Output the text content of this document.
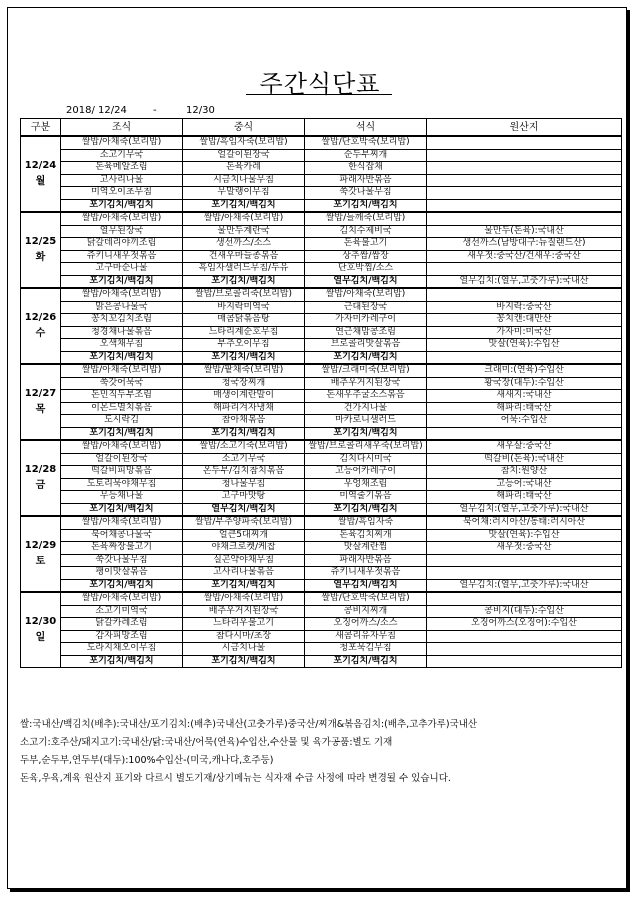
주간식단표
2018/ 12/24	-	12/30
구분	조식	중식	석식	원산지

12/24
월	쌀밥/아채죽(보리밥)	쌀밥/흑임자죽(보리밥)	쌀밥/단호박죽(보리밥)	
	소고기무국	얼갈이된장국	순두부찌개	
	돈육메알조림	돈육카레	한식잡채	
	고사리나물	시금치나물무침	파래자반볶음	
	미역오이초무침	무말랭이무침	쑥갓나물무침	
	포기김치/백김치	포기김치/백김치	포기김치/백김치	

12/25
화	쌀밥/아채죽(보리밥)	쌀밥/아채죽(보리밥)	쌀밥/들깨죽(보리밥)	
	열무된장국	물만두계란국	김치수제비국	물만두(돈육):국내산
	닭갈데리야끼조림	생선까스/소스	돈육불고기	생선까스(남방대구:뉴질랜드산)
	쥬키니새우젓볶음	건새우마늘종볶음	상추쌈/쌈장	새우젓:중국산/건새우:중국산
	고구마순나물	흑임자샐러드무침/두유	단호박찜/소스	
	포기김치/백김치	포기김치/백김치	열무김치/백김치	열무김치:(열무,고춧가루):국내산

12/26
수	쌀밥/아채죽(보리밥)	쌀밥/브로콜리죽(보리밥)	쌀밥/아채죽(보리밥)	
	맑은콩나물국	바지락미역국	근대된장국	바지락:중국산
	꽁치꼬김치조림	매콤닭볶음탕	가자미카레구이	꽁치캔:대만산
	청경채나물볶음	느타리계순호무침	연근채맘콩조림	가자미:미국산
	오색채무침	부추오이무침	브로콜리맛살볶음	맛살(연육):수입산
	포기김치/백김치	포기김치/백김치	포기김치/백김치	

12/27
목	쌀밥/아채죽(보리밥)	쌀밥/팥채죽(보리밥)	쌀밥/크래미죽(보리밥)	크래미:(연육)수입산
	쑥갓어묵국	청국장찌개	배추우거지된장국	황국장(대두):수입산
	돈민직두부조림	매생이계란말이	돈새우주굴소스볶음	새새지:국내산
	이몬드멸치볶음	해파리겨자냉채	건가지나물	해파리:태국산
	도시락김	참아채볶음	마카로니샐러드	어묵:수입산
	포기김치/백김치	포기김치/백김치	포기김치/백김치	

12/28
금	쌀밥/아채죽(보리밥)	쌀밥/소고기죽(보리밥)	쌀밥/브로콜리새우죽(보리밥)	새우살:중국산
	얼갈이된장국	소고기무국	김치다시미국	떡갈비(돈육):국내산
	떡갈비피망볶음	온두부/김치참치볶음	고등어카레구이	참치:원양산
	도토리묵야채무침	청나물무침	우엉채조림	고등어:국내산
	무등채나물	고구마맛탕	미역줄기볶음	해파리:태국산
	포기김치/백김치	열무김치/백김치	포기김치/백김치	열무김치:(열무,고춧가루):국내산

12/29
토	쌀밥/아채죽(보리밥)	쌀밥/부추양파죽(보리밥)	쌀밥/흑임자죽	북어채:러시아산/동태:러시아산
	북어채콩나물국	얼큰5대찌개	돈육김치찌개	맛살(연육):수입산
	돈육짜장불고기	야채크로켓/케찹	맛살계란찜	새우젓:중국산
	쑥갓나물무침	실곤약야채무침	파래자반볶음	
	팽이맛살볶음	고사리나물볶음	쥬키니새우젓볶음	
	포기김치/백김치	포기김치/백김치	열무김치/백김치	열무김치:(열무,고춧가루):국내산

12/30
일	쌀밥/아채죽(보리밥)	쌀밥/아채죽(보리밥)	쌀밥/단호박죽(보리밥)	
	소고기미역국	배추우거지된장국	콩비지찌개	콩비지(대두):수입산
	닭갈카레조림	느타리우불고기	오징어까스/소스	오징어까스(오징어):수입산
	감자피망조림	참다시마/초장	새콤리유자무침	
	도라지채오이무침	시금치나물	청포묵김무침	
	포기김치/백김치	포기김치/백김치	포기김치/백김치	
쌀:국내산/백김치(배추):국내산/포기김치:(배추)국내산(고춧가루)중국산/찌개&볶음김치:(배추,고추가루)국내산
소고기:호주산/돼지고기:국내산/닭:국내산/어묵(연육)수입산,수산물 및 육가공품:별도 기재
두부,순두부,연두부(대두):100%수입산-(미국,캐나다,호주등)
돈육,우육,계육 원산지 표기와 다르시 별도기재/상기메뉴는 식자재 수급 사정에 따라 변경될 수 있습니다.
